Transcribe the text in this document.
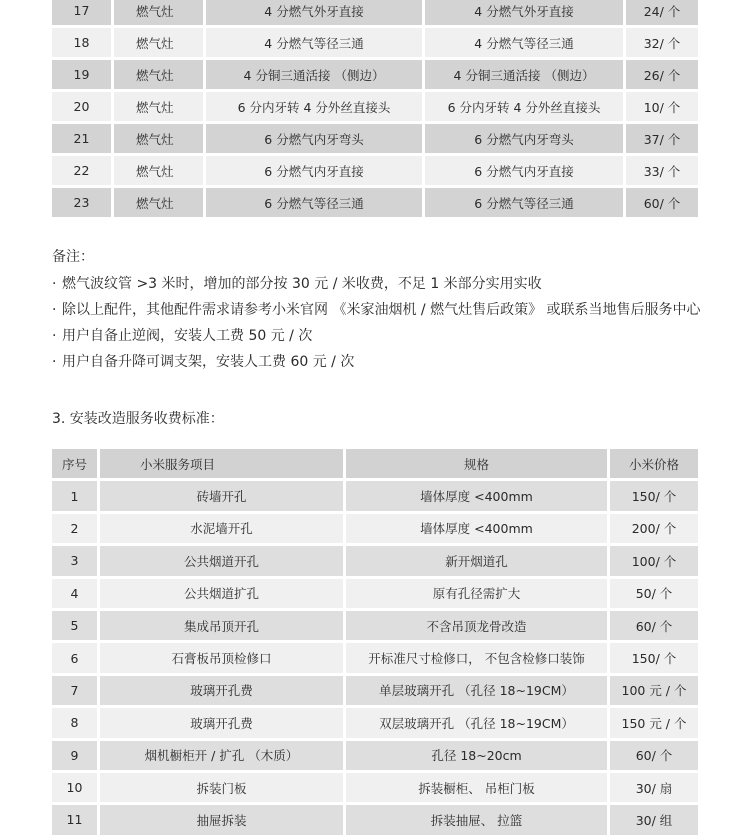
17	燃气灶	4 分燃气外牙直接	4 分燃气外牙直接	24/ 个
18	燃气灶	4 分燃气等径三通	4 分燃气等径三通	32/ 个
19	燃气灶	4 分铜三通活接 （侧边）	4 分铜三通活接 （侧边）	26/ 个
20	燃气灶	6 分内牙转 4 分外丝直接头	6 分内牙转 4 分外丝直接头	10/ 个
21	燃气灶	6 分燃气内牙弯头	6 分燃气内牙弯头	37/ 个
22	燃气灶	6 分燃气内牙直接	6 分燃气内牙直接	33/ 个
23	燃气灶	6 分燃气等径三通	6 分燃气等径三通	60/ 个
备注：
· 燃气波纹管 >3 米时，增加的部分按 30 元 / 米收费，不足 1 米部分实用实收
· 除以上配件，其他配件需求请参考小米官网 《米家油烟机 / 燃气灶售后政策》 或联系当地售后服务中心
· 用户自备止逆阀，安装人工费 50 元 / 次
· 用户自备升降可调支架，安装人工费 60 元 / 次
3. 安装改造服务收费标准：
序号	小米服务项目	规格	小米价格
1	砖墙开孔	墙体厚度 <400mm	150/ 个
2	水泥墙开孔	墙体厚度 <400mm	200/ 个
3	公共烟道开孔	新开烟道孔	100/ 个
4	公共烟道扩孔	原有孔径需扩大	50/ 个
5	集成吊顶开孔	不含吊顶龙骨改造	60/ 个
6	石膏板吊顶检修口	开标准尺寸检修口， 不包含检修口装饰	150/ 个
7	玻璃开孔费	单层玻璃开孔 （孔径 18~19CM）	100 元 / 个
8	玻璃开孔费	双层玻璃开孔 （孔径 18~19CM）	150 元 / 个
9	烟机橱柜开 / 扩孔 （木质）	孔径 18~20cm	60/ 个
10	拆装门板	拆装橱柜、 吊柜门板	30/ 扇
11	抽屉拆装	拆装抽屉、 拉篮	30/ 组
